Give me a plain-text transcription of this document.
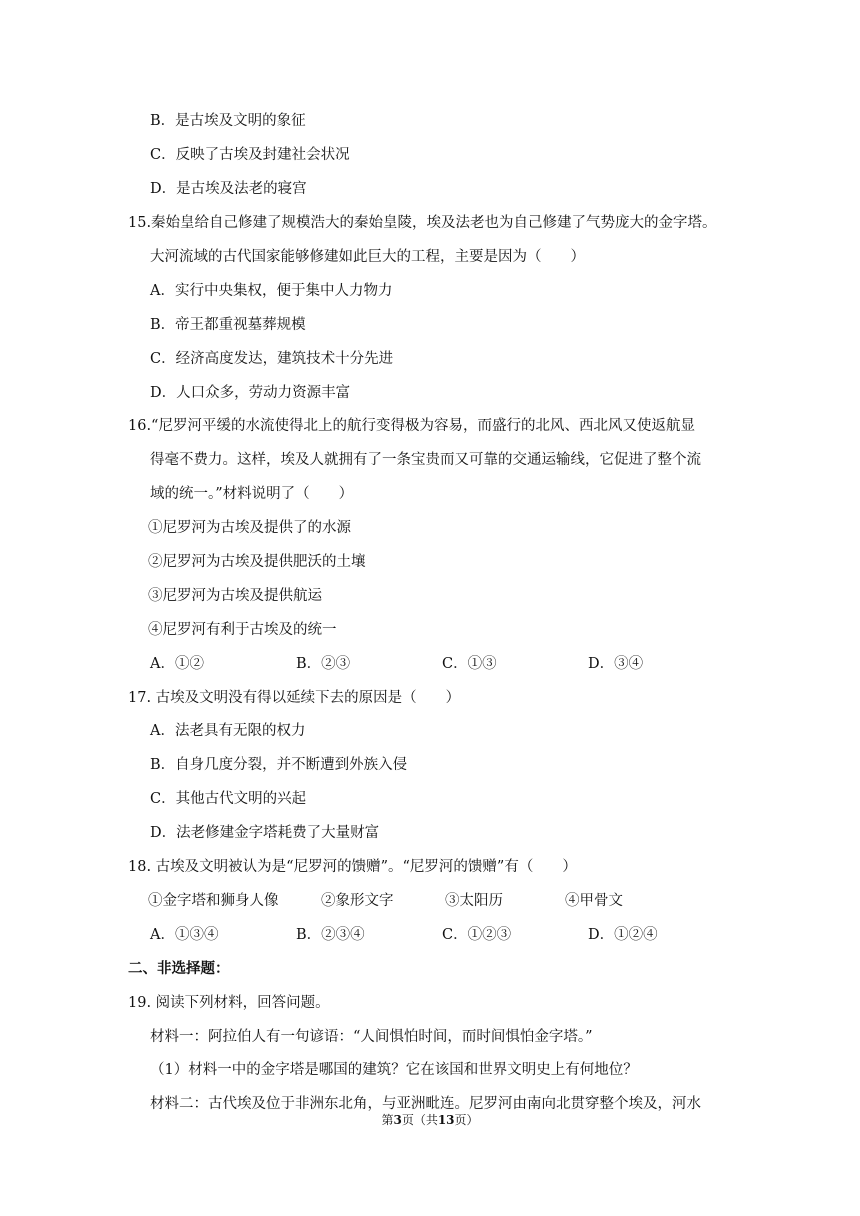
B．是古埃及文明的象征
C．反映了古埃及封建社会状况
D．是古埃及法老的寝宫
15.秦始皇给自己修建了规模浩大的秦始皇陵，埃及法老也为自己修建了气势庞大的金字塔。
大河流域的古代国家能够修建如此巨大的工程，主要是因为（　　）
A．实行中央集权，便于集中人力物力
B．帝王都重视墓葬规模
C．经济高度发达，建筑技术十分先进
D．人口众多，劳动力资源丰富
16.“尼罗河平缓的水流使得北上的航行变得极为容易，而盛行的北风、西北风又使返航显
得毫不费力。这样，埃及人就拥有了一条宝贵而又可靠的交通运输线，它促进了整个流
域的统一。”材料说明了（　　）
①尼罗河为古埃及提供了的水源
②尼罗河为古埃及提供肥沃的土壤
③尼罗河为古埃及提供航运
④尼罗河有利于古埃及的统一
A．①②	B．②③	C．①③	D．③④
17. 古埃及文明没有得以延续下去的原因是（　　）
A．法老具有无限的权力
B．自身几度分裂，并不断遭到外族入侵
C．其他古代文明的兴起
D．法老修建金字塔耗费了大量财富
18. 古埃及文明被认为是“尼罗河的馈赠”。“尼罗河的馈赠”有（　　）
①金字塔和狮身人像	②象形文字	③太阳历	④甲骨文
A．①③④	B．②③④	C．①②③	D．①②④
二、非选择题：
19. 阅读下列材料，回答问题。
材料一：阿拉伯人有一句谚语：“人间惧怕时间，而时间惧怕金字塔。”
（1）材料一中的金字塔是哪国的建筑？它在该国和世界文明史上有何地位？
材料二：古代埃及位于非洲东北角，与亚洲毗连。尼罗河由南向北贯穿整个埃及，河水
第3页（共13页）
